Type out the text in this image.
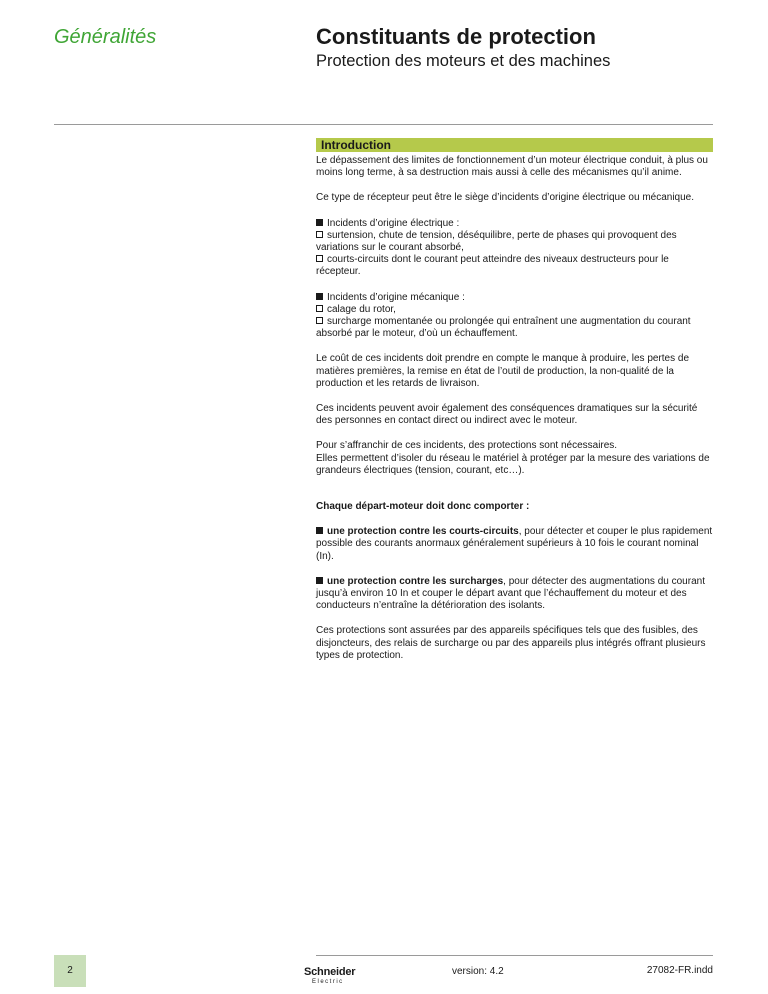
Généralités	Constituants de protection
Protection des moteurs et des machines
Introduction

Le dépassement des limites de fonctionnement d’un moteur électrique conduit, à plus ou moins long terme, à sa destruction mais aussi à celle des mécanismes qu’il anime.

Ce type de récepteur peut être le siège d’incidents d’origine électrique ou mécanique.

Incidents d’origine électrique :
surtension, chute de tension, déséquilibre, perte de phases qui provoquent des variations sur le courant absorbé,
courts-circuits dont le courant peut atteindre des niveaux destructeurs pour le récepteur.

Incidents d’origine mécanique :
calage du rotor,
surcharge momentanée ou prolongée qui entraînent une augmentation du courant absorbé par le moteur, d’où un échauffement.

Le coût de ces incidents doit prendre en compte le manque à produire, les pertes de matières premières, la remise en état de l’outil de production, la non-qualité de la production et les retards de livraison.

Ces incidents peuvent avoir également des conséquences dramatiques sur la sécurité des personnes en contact direct ou indirect avec le moteur.

Pour s’affranchir de ces incidents, des protections sont nécessaires.
Elles permettent d’isoler du réseau le matériel à protéger par la mesure des variations de grandeurs électriques (tension, courant, etc…).

Chaque départ-moteur doit donc comporter :

une protection contre les courts-circuits, pour détecter et couper le plus rapidement possible des courants anormaux généralement supérieurs à 10 fois le courant nominal (In).

une protection contre les surcharges, pour détecter des augmentations du courant jusqu’à environ 10 In et couper le départ avant que l’échauffement du moteur et des conducteurs n’entraîne la détérioration des isolants.

Ces protections sont assurées par des appareils spécifiques tels que des fusibles, des disjoncteurs, des relais de surcharge ou par des appareils plus intégrés offrant plusieurs types de protection.

2	Schneider
Electric
version: 4.2	27082-FR.indd
